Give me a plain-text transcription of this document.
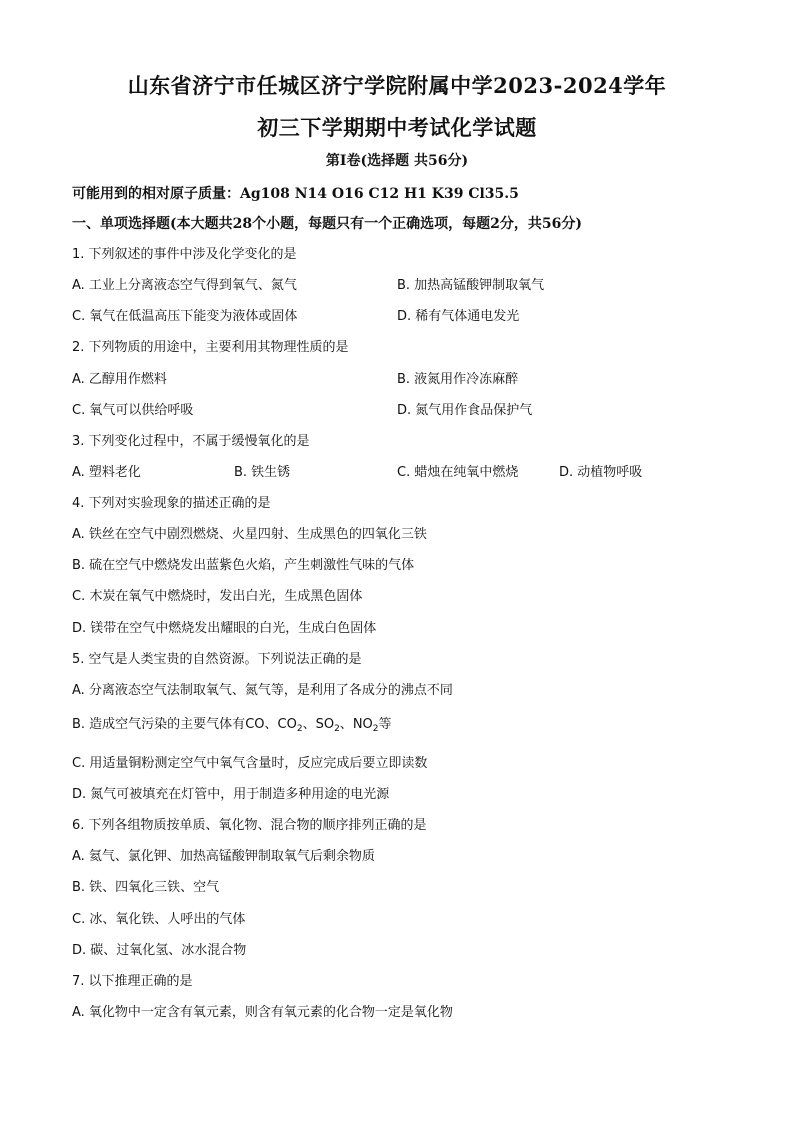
山东省济宁市任城区济宁学院附属中学2023-2024学年
初三下学期期中考试化学试题
第Ⅰ卷(选择题 共56分)
可能用到的相对原子质量：Ag108 N14 O16 C12 H1 K39 Cl35.5
一、单项选择题(本大题共28个小题，每题只有一个正确选项，每题2分，共56分)
1. 下列叙述的事件中涉及化学变化的是
A. 工业上分离液态空气得到氧气、氮气	B. 加热高锰酸钾制取氧气
C. 氧气在低温高压下能变为液体或固体	D. 稀有气体通电发光
2. 下列物质的用途中，主要利用其物理性质的是
A. 乙醇用作燃料	B. 液氮用作冷冻麻醉
C. 氧气可以供给呼吸	D. 氮气用作食品保护气
3. 下列变化过程中，不属于缓慢氧化的是
A. 塑料老化	B. 铁生锈	C. 蜡烛在纯氧中燃烧	D. 动植物呼吸
4. 下列对实验现象的描述正确的是
A. 铁丝在空气中剧烈燃烧、火星四射、生成黑色的四氧化三铁
B. 硫在空气中燃烧发出蓝紫色火焰，产生刺激性气味的气体
C. 木炭在氧气中燃烧时，发出白光，生成黑色固体
D. 镁带在空气中燃烧发出耀眼的白光，生成白色固体
5. 空气是人类宝贵的自然资源。下列说法正确的是
A. 分离液态空气法制取氧气、氮气等，是利用了各成分的沸点不同
B. 造成空气污染的主要气体有CO、$CO_2$、$SO_2$、$NO_2$等
C. 用适量铜粉测定空气中氧气含量时，反应完成后要立即读数
D. 氮气可被填充在灯管中，用于制造多种用途的电光源
6. 下列各组物质按单质、氧化物、混合物的顺序排列正确的是
A. 氦气、氯化钾、加热高锰酸钾制取氧气后剩余物质
B. 铁、四氧化三铁、空气
C. 冰、氧化铁、人呼出的气体
D. 碳、过氧化氢、冰水混合物
7. 以下推理正确的是
A. 氧化物中一定含有氧元素，则含有氧元素的化合物一定是氧化物
